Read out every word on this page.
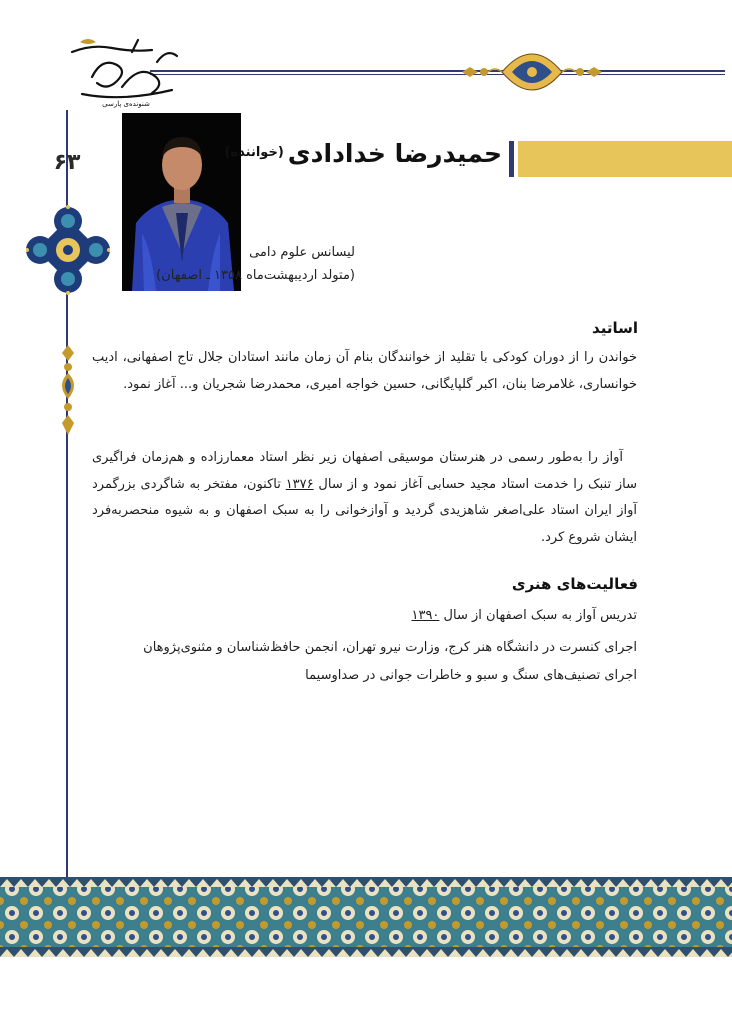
شنونده‌ی پارسی
۶۳	حمیدرضا خدادادی$^{(خواننده)}$
لیسانس علوم دامی
(متولد اردیبهشت‌ماه ۱۳۵۸ ـ اصفهان)
اساتید
خواندن را از دوران کودکی با تقلید از خوانندگان بنام آن زمان مانند استادان جلال تاج اصفهانی، ادیب خوانساری، غلامرضا بنان، اکبر گلپایگانی، حسین خواجه امیری، محمدرضا شجریان و... آغاز نمود.
آواز را به‌طور رسمی در هنرستان موسیقی اصفهان زیر نظر استاد معمارزاده و هم‌زمان فراگیری ساز تنبک را خدمت استاد مجید حسابی آغاز نمود و از سال ۱۳۷۶ تاکنون، مفتخر به شاگردی بزرگمرد آواز ایران استاد علی‌اصغر شاهزیدی گردید و آوازخوانی را به سبک اصفهان و به شیوه منحصربه‌فرد ایشان شروع کرد.
فعالیت‌های هنری
تدریس آواز به سبک اصفهان از سال ۱۳۹۰
اجرای کنسرت در دانشگاه هنر کرج، وزارت نیرو تهران، انجمن حافظ‌شناسان و مثنوی‌پژوهان
اجرای تصنیف‌های سنگ و سبو و خاطرات جوانی در صداوسیما
